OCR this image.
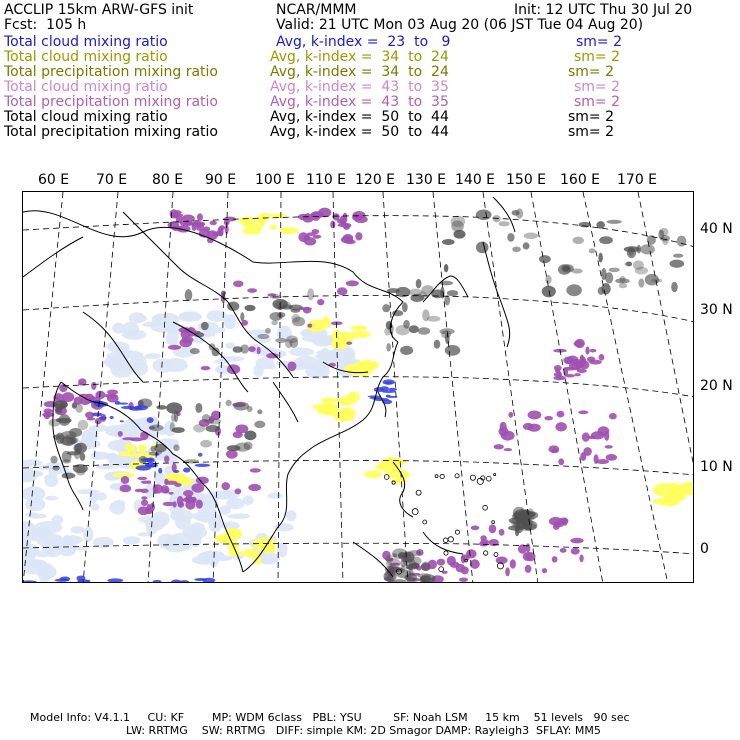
ACCLIP 15km ARW-GFS init	NCAR/MMM	Init: 12 UTC Thu 30 Jul 20
Fcst:  105 h	Valid: 21 UTC Mon 03 Aug 20 (06 JST Tue 04 Aug 20)
Total cloud mixing ratio	Avg, k-index =  23  to   9	sm= 2
Total cloud mixing ratio	Avg, k-index =  34  to  24	sm= 2
Total precipitation mixing ratio	Avg, k-index =  34  to  24	sm= 2
Total cloud mixing ratio	Avg, k-index =  43  to  35	sm= 2
Total precipitation mixing ratio	Avg, k-index =  43  to  35	sm= 2
Total cloud mixing ratio	Avg, k-index =  50  to  44	sm= 2
Total precipitation mixing ratio	Avg, k-index =  50  to  44	sm= 2
60 E 70 E 80 E 90 E 100 E 110 E 120 E 130 E 140 E 150 E 160 E 170 E
40 N
30 N
20 N
10 N
0
Model Info: V4.1.1     CU: KF        MP: WDM 6class   PBL: YSU         SF: Noah LSM     15 km    51 levels   90 sec
LW: RRTMG    SW: RRTMG   DIFF: simple KM: 2D Smagor DAMP: Rayleigh3  SFLAY: MM5
